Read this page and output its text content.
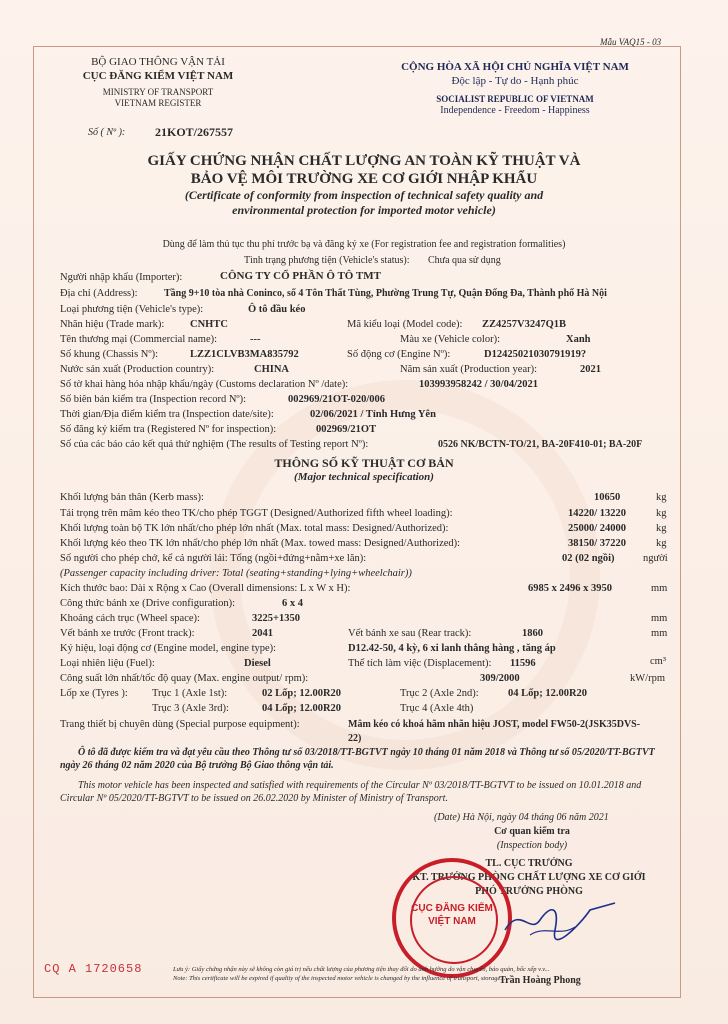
Mẫu VAQ15 - 03
BỘ GIAO THÔNG VẬN TẢI
CỤC ĐĂNG KIỂM VIỆT NAM
MINISTRY OF TRANSPORT
VIETNAM REGISTER
CỘNG HÒA XÃ HỘI CHỦ NGHĨA VIỆT NAM
Độc lập - Tự do - Hạnh phúc
SOCIALIST REPUBLIC OF VIETNAM
Independence - Freedom - Happiness
Số ( Nº ): 21KOT/267557
GIẤY CHỨNG NHẬN CHẤT LƯỢNG AN TOÀN KỸ THUẬT VÀ
BẢO VỆ MÔI TRƯỜNG XE CƠ GIỚI NHẬP KHẨU
(Certificate of conformity from inspection of technical safety quality and
environmental protection for imported motor vehicle)
Dùng để làm thủ tục thu phí trước bạ và đăng ký xe (For registration fee and registration formalities)
Tình trạng phương tiện (Vehicle's status): Chưa qua sử dụng
Người nhập khẩu (Importer):	CÔNG TY CỔ PHẦN Ô TÔ TMT
Địa chỉ (Address):	Tầng 9+10 tòa nhà Coninco, số 4 Tôn Thất Tùng, Phường Trung Tự, Quận Đống Đa, Thành phố Hà Nội
Loại phương tiện (Vehicle's type):	Ô tô đầu kéo
Nhãn hiệu (Trade mark): CNHTC	Mã kiểu loại (Model code): ZZ4257V3247Q1B
Tên thương mại (Commercial name):	---	Màu xe (Vehicle color):	Xanh
Số khung (Chassis Nº):	LZZ1CLVB3MA835792	Số động cơ (Engine Nº):	D12425021030791919?
Nước sản xuất (Production country):	CHINA	Năm sản xuất (Production year):	2021
Số tờ khai hàng hóa nhập khẩu/ngày (Customs declaration Nº /date):	103993958242 / 30/04/2021
Số biên bản kiểm tra (Inspection record Nº):	002969/21OT-020/006
Thời gian/Địa điểm kiểm tra (Inspection date/site):	02/06/2021 / Tỉnh Hưng Yên
Số đăng ký kiểm tra (Registered Nº for inspection):	002969/21OT
Số của các báo cáo kết quả thử nghiệm (The results of Testing report Nº):	0526 NK/BCTN-TO/21, BA-20F410-01; BA-20F
THÔNG SỐ KỸ THUẬT CƠ BẢN
(Major technical specification)
Khối lượng bản thân (Kerb mass):	10650	kg
Tải trọng trên mâm kéo theo TK/cho phép TGGT (Designed/Authorized fifth wheel loading):	14220/ 13220	kg
Khối lượng toàn bộ TK lớn nhất/cho phép lớn nhất (Max. total mass: Designed/Authorized):	25000/ 24000	kg
Khối lượng kéo theo TK lớn nhất/cho phép lớn nhất (Max. towed mass: Designed/Authorized):	38150/ 37220	kg
Số người cho phép chở, kể cả người lái: Tổng (ngồi+đứng+nằm+xe lăn):	02 (02 ngồi)	người
(Passenger capacity including driver: Total (seating+standing+lying+wheelchair))
Kích thước bao: Dài x Rộng x Cao (Overall dimensions: L x W x H):	6985 x 2496 x 3950	mm
Công thức bánh xe (Drive configuration):	6 x 4
Khoảng cách trục (Wheel space):	3225+1350	mm
Vết bánh xe trước (Front track):	2041	Vết bánh xe sau (Rear track):	1860	mm
Ký hiệu, loại động cơ (Engine model, engine type):	D12.42-50, 4 kỳ, 6 xi lanh thẳng hàng , tăng áp
Loại nhiên liệu (Fuel):	Diesel	Thể tích làm việc (Displacement): 11596	cm³
Công suất lớn nhất/tốc độ quay (Max. engine output/ rpm):	309/2000	kW/rpm
Lốp xe (Tyres ): Trục 1 (Axle 1st):	02 Lốp; 12.00R20	Trục 2 (Axle 2nd):	04 Lốp; 12.00R20
Trục 3 (Axle 3rd):	04 Lốp; 12.00R20	Trục 4 (Axle 4th)
Trang thiết bị chuyên dùng (Special purpose equipment):	Mâm kéo có khoá hãm nhãn hiệu JOST, model FW50-2(JSK35DVS-
22)
Ô tô đã được kiểm tra và đạt yêu cầu theo Thông tư số 03/2018/TT-BGTVT ngày 10 tháng 01 năm 2018 và Thông tư số 05/2020/TT-BGTVT ngày 26 tháng 02 năm 2020 của Bộ trưởng Bộ Giao thông vận tải.
This motor vehicle has been inspected and satisfied with requirements of the Circular Nº 03/2018/TT-BGTVT to be issued on 10.01.2018 and Circular Nº 05/2020/TT-BGTVT to be issued on 26.02.2020 by Minister of Ministry of Transport.
(Date) Hà Nội, ngày 04 tháng 06 năm 2021
Cơ quan kiểm tra
(Inspection body)
TL. CỤC TRƯỞNG
KT. TRƯỞNG PHÒNG CHẤT LƯỢNG XE CƠ GIỚI
PHÓ TRƯỞNG PHÒNG
CỤC ĐĂNG KIỂM VIỆT NAM
Trần Hoàng Phong
CQ A 1720658	Lưu ý: Giấy chứng nhận này sẽ không còn giá trị nếu chất lượng của phương tiện thay đổi do ảnh hưởng do vận chuyển, bảo quản, bốc xếp v.v...
Note: This certificate will be expired if quality of the inspected motor vehicle is changed by the influence of transport, storage...
